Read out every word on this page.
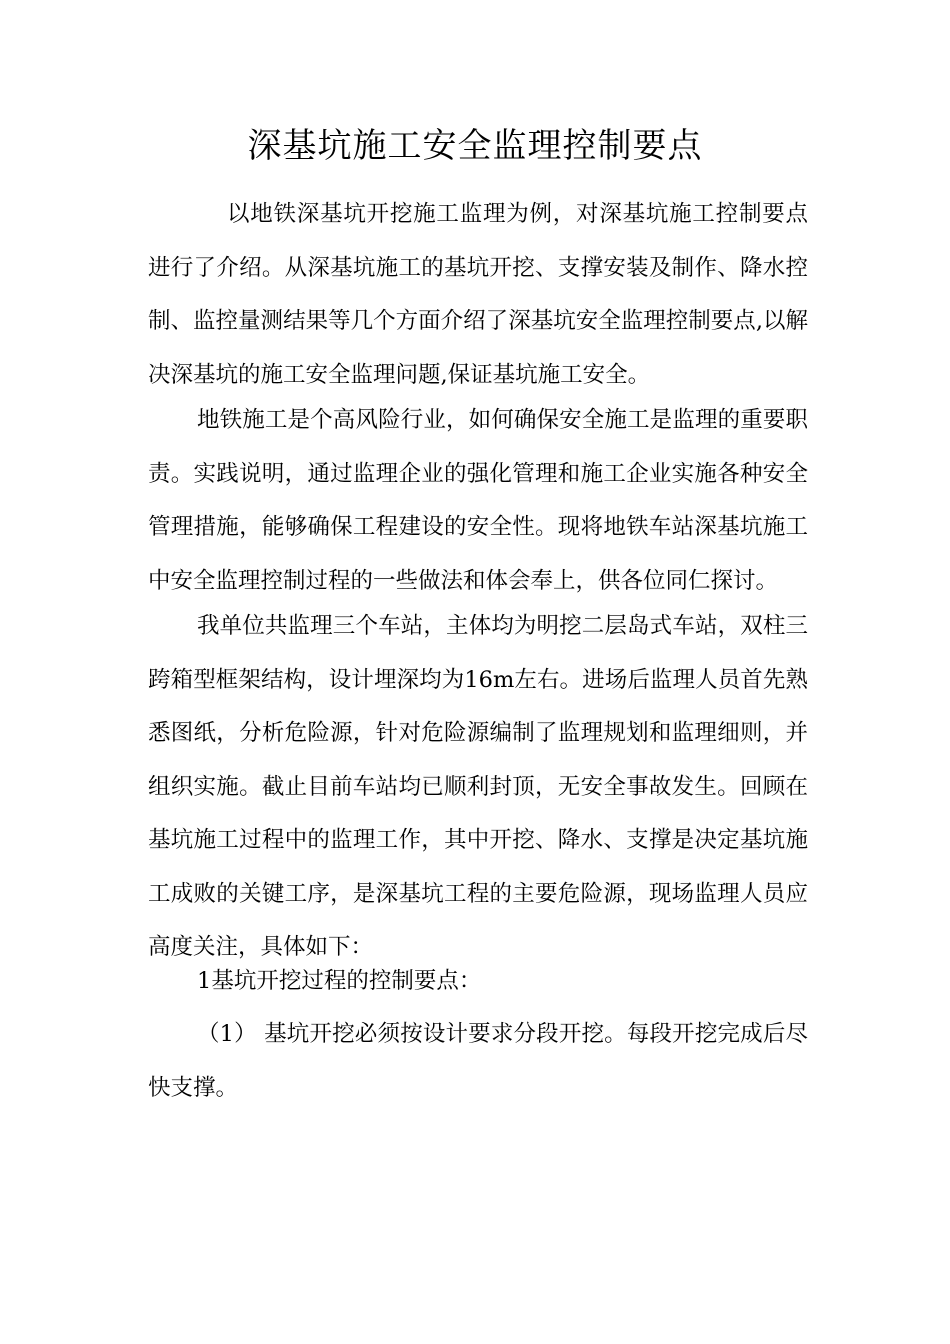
深基坑施工安全监理控制要点

以地铁深基坑开挖施工监理为例，对深基坑施工控制要点进行了介绍。从深基坑施工的基坑开挖、支撑安装及制作、降水控制、监控量测结果等几个方面介绍了深基坑安全监理控制要点,以解决深基坑的施工安全监理问题,保证基坑施工安全。

地铁施工是个高风险行业，如何确保安全施工是监理的重要职责。实践说明，通过监理企业的强化管理和施工企业实施各种安全管理措施，能够确保工程建设的安全性。现将地铁车站深基坑施工中安全监理控制过程的一些做法和体会奉上，供各位同仁探讨。

我单位共监理三个车站，主体均为明挖二层岛式车站，双柱三跨箱型框架结构，设计埋深均为16m左右。进场后监理人员首先熟悉图纸，分析危险源，针对危险源编制了监理规划和监理细则，并组织实施。截止目前车站均已顺利封顶，无安全事故发生。回顾在基坑施工过程中的监理工作，其中开挖、降水、支撑是决定基坑施工成败的关键工序，是深基坑工程的主要危险源，现场监理人员应高度关注，具体如下：

1基坑开挖过程的控制要点：

（1） 基坑开挖必须按设计要求分段开挖。每段开挖完成后尽快支撑。
